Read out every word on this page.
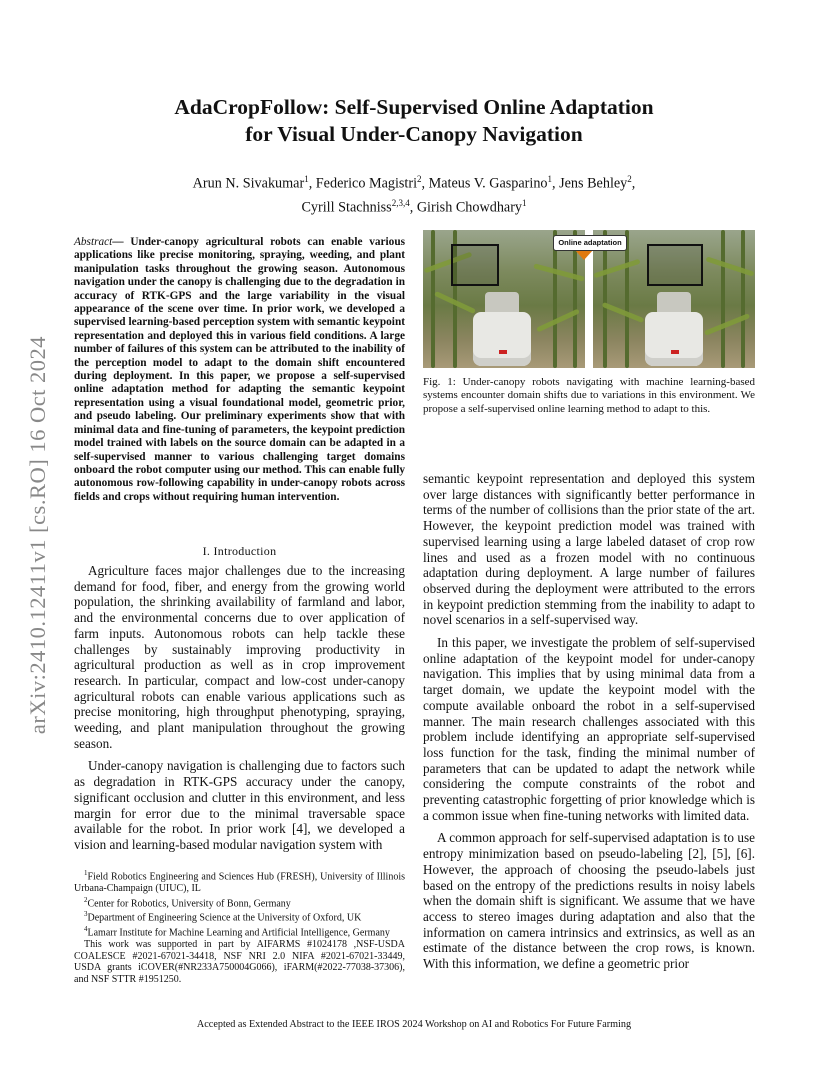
arXiv:2410.12411v1 [cs.RO] 16 Oct 2024
AdaCropFollow: Self-Supervised Online Adaptation
for Visual Under-Canopy Navigation
Arun N. Sivakumar$^1$, Federico Magistri$^2$, Mateus V. Gasparino$^1$, Jens Behley$^2$,
Cyrill Stachniss$^{2,3,4}$, Girish Chowdhary$^1$
Abstract— Under-canopy agricultural robots can enable various applications like precise monitoring, spraying, weeding, and plant manipulation tasks throughout the growing season. Autonomous navigation under the canopy is challenging due to the degradation in accuracy of RTK-GPS and the large variability in the visual appearance of the scene over time. In prior work, we developed a supervised learning-based perception system with semantic keypoint representation and deployed this in various field conditions. A large number of failures of this system can be attributed to the inability of the perception model to adapt to the domain shift encountered during deployment. In this paper, we propose a self-supervised online adaptation method for adapting the semantic keypoint representation using a visual foundational model, geometric prior, and pseudo labeling. Our preliminary experiments show that with minimal data and fine-tuning of parameters, the keypoint prediction model trained with labels on the source domain can be adapted in a self-supervised manner to various challenging target domains onboard the robot computer using our method. This can enable fully autonomous row-following capability in under-canopy robots across fields and crops without requiring human intervention.
I. Introduction

Agriculture faces major challenges due to the increasing demand for food, fiber, and energy from the growing world population, the shrinking availability of farmland and labor, and the environmental concerns due to over application of farm inputs. Autonomous robots can help tackle these challenges by sustainably improving productivity in agricultural production as well as in crop improvement research. In particular, compact and low-cost under-canopy agricultural robots can enable various applications such as precise monitoring, high throughput phenotyping, spraying, weeding, and plant manipulation throughout the growing season.

Under-canopy navigation is challenging due to factors such as degradation in RTK-GPS accuracy under the canopy, significant occlusion and clutter in this environment, and less margin for error due to the minimal traversable space available for the robot. In prior work [4], we developed a vision and learning-based modular navigation system with

$^1$Field Robotics Engineering and Sciences Hub (FRESH), University of Illinois Urbana-Champaign (UIUC), IL
$^2$Center for Robotics, University of Bonn, Germany
$^3$Department of Engineering Science at the University of Oxford, UK
$^4$Lamarr Institute for Machine Learning and Artificial Intelligence, Germany
This work was supported in part by AIFARMS #1024178 ,NSF-USDA COALESCE #2021-67021-34418, NSF NRI 2.0 NIFA #2021-67021-33449, USDA grants iCOVER(#NR233A750004G066), iFARM(#2022-77038-37306), and NSF STTR #1951250.
Online adaptation
Fig. 1: Under-canopy robots navigating with machine learning-based systems encounter domain shifts due to variations in this environment. We propose a self-supervised online learning method to adapt to this.

semantic keypoint representation and deployed this system over large distances with significantly better performance in terms of the number of collisions than the prior state of the art. However, the keypoint prediction model was trained with supervised learning using a large labeled dataset of crop row lines and used as a frozen model with no continuous adaptation during deployment. A large number of failures observed during the deployment were attributed to the errors in keypoint prediction stemming from the inability to adapt to novel scenarios in a self-supervised way.

In this paper, we investigate the problem of self-supervised online adaptation of the keypoint model for under-canopy navigation. This implies that by using minimal data from a target domain, we update the keypoint model with the compute available onboard the robot in a self-supervised manner. The main research challenges associated with this problem include identifying an appropriate self-supervised loss function for the task, finding the minimal number of parameters that can be updated to adapt the network while considering the compute constraints of the robot and preventing catastrophic forgetting of prior knowledge which is a common issue when fine-tuning networks with limited data.

A common approach for self-supervised adaptation is to use entropy minimization based on pseudo-labeling [2], [5], [6]. However, the approach of choosing the pseudo-labels just based on the entropy of the predictions results in noisy labels when the domain shift is significant. We assume that we have access to stereo images during adaptation and also that the information on camera intrinsics and extrinsics, as well as an estimate of the distance between the crop rows, is known. With this information, we define a geometric prior

Accepted as Extended Abstract to the IEEE IROS 2024 Workshop on AI and Robotics For Future Farming
